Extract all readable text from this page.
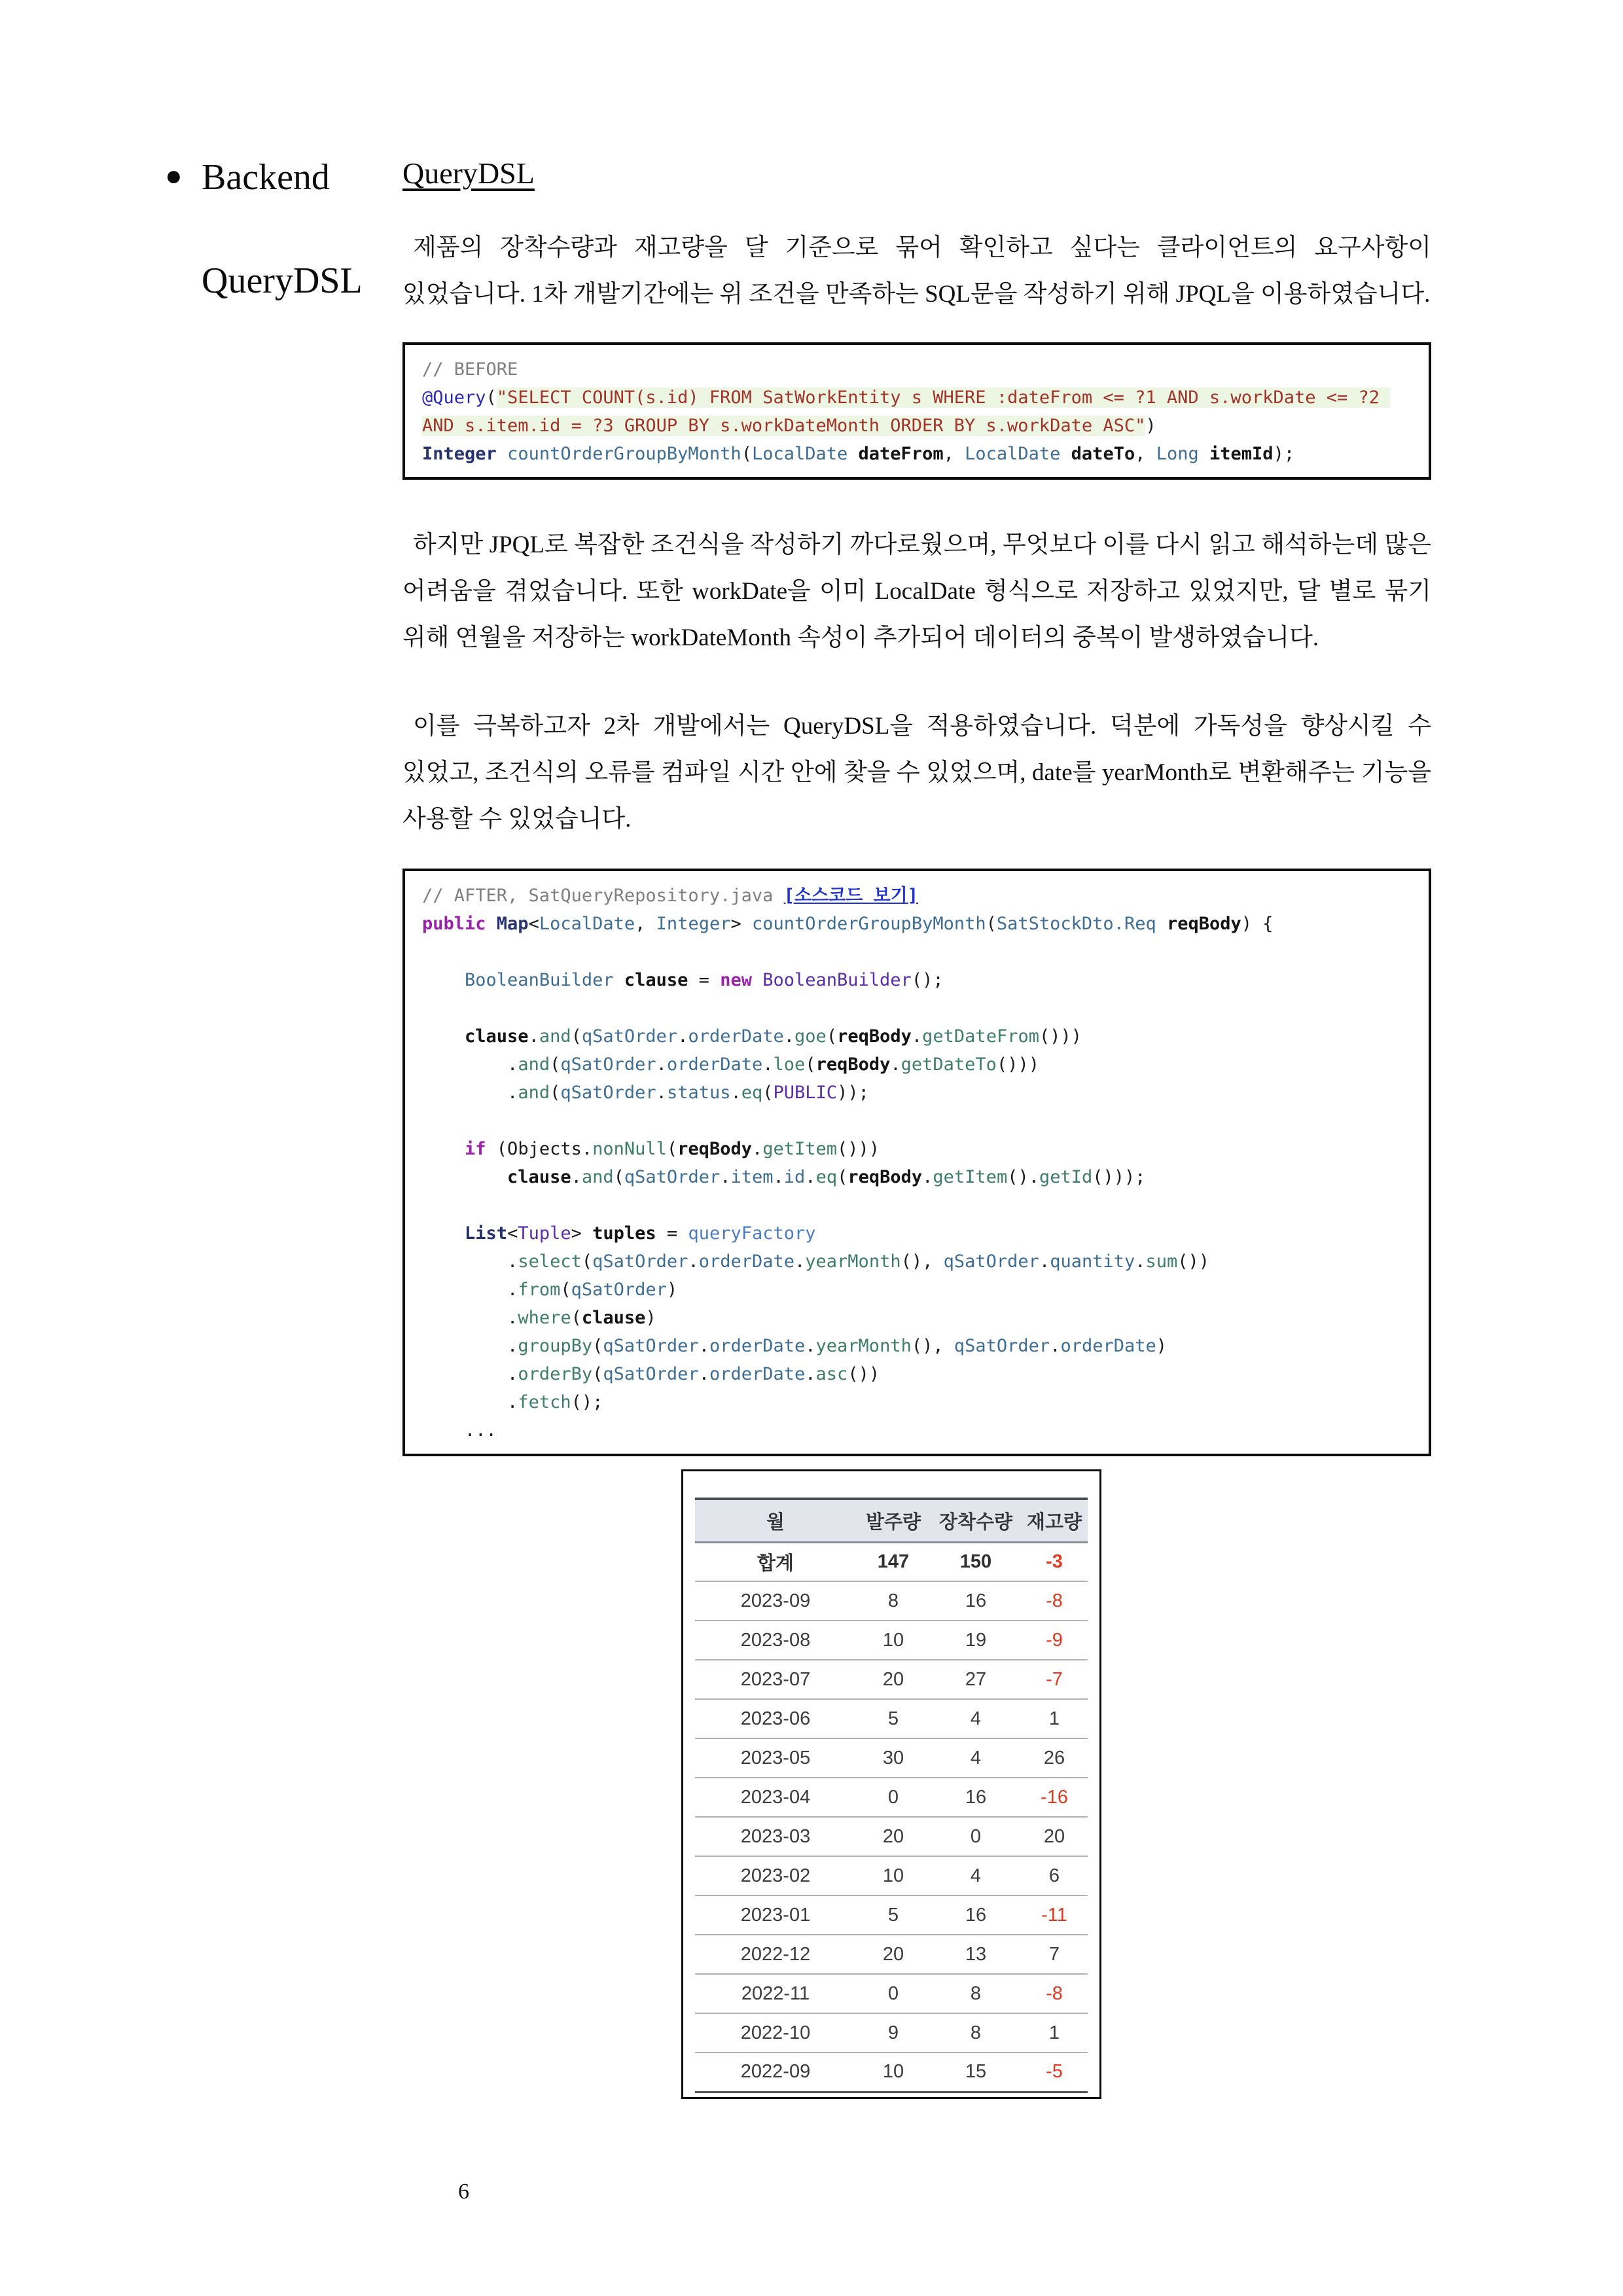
● Backend
QueryDSL
QueryDSL

제품의 장착수량과 재고량을 달 기준으로 묶어 확인하고 싶다는 클라이언트의 요구사항이 있었습니다. 1차 개발기간에는 위 조건을 만족하는 SQL문을 작성하기 위해 JPQL을 이용하였습니다.

// BEFORE
@Query("SELECT COUNT(s.id) FROM SatWorkEntity s WHERE :dateFrom <= ?1 AND s.workDate <= ?2 AND s.item.id = ?3 GROUP BY s.workDateMonth ORDER BY s.workDate ASC")
Integer countOrderGroupByMonth(LocalDate dateFrom, LocalDate dateTo, Long itemId);

하지만 JPQL로 복잡한 조건식을 작성하기 까다로웠으며, 무엇보다 이를 다시 읽고 해석하는데 많은 어려움을 겪었습니다. 또한 workDate을 이미 LocalDate 형식으로 저장하고 있었지만, 달 별로 묶기 위해 연월을 저장하는 workDateMonth 속성이 추가되어 데이터의 중복이 발생하였습니다.

이를 극복하고자 2차 개발에서는 QueryDSL을 적용하였습니다. 덕분에 가독성을 향상시킬 수 있었고, 조건식의 오류를 컴파일 시간 안에 찾을 수 있었으며, date를 yearMonth로 변환해주는 기능을 사용할 수 있었습니다.

// AFTER, SatQueryRepository.java [소스코드 보기]
public Map<LocalDate, Integer> countOrderGroupByMonth(SatStockDto.Req reqBody) {
BooleanBuilder clause = new BooleanBuilder();
clause.and(qSatOrder.orderDate.goe(reqBody.getDateFrom()))
.and(qSatOrder.orderDate.loe(reqBody.getDateTo()))
.and(qSatOrder.status.eq(PUBLIC));
if (Objects.nonNull(reqBody.getItem()))
clause.and(qSatOrder.item.id.eq(reqBody.getItem().getId()));
List<Tuple> tuples = queryFactory
.select(qSatOrder.orderDate.yearMonth(), qSatOrder.quantity.sum())
.from(qSatOrder)
.where(clause)
.groupBy(qSatOrder.orderDate.yearMonth(), qSatOrder.orderDate)
.orderBy(qSatOrder.orderDate.asc())
.fetch();
...
월	발주량	장착수량	재고량
합계	147	150	-3
2023-09	8	16	-8
2023-08	10	19	-9
2023-07	20	27	-7
2023-06	5	4	1
2023-05	30	4	26
2023-04	0	16	-16
2023-03	20	0	20
2023-02	10	4	6
2023-01	5	16	-11
2022-12	20	13	7
2022-11	0	8	-8
2022-10	9	8	1
2022-09	10	15	-5
6
